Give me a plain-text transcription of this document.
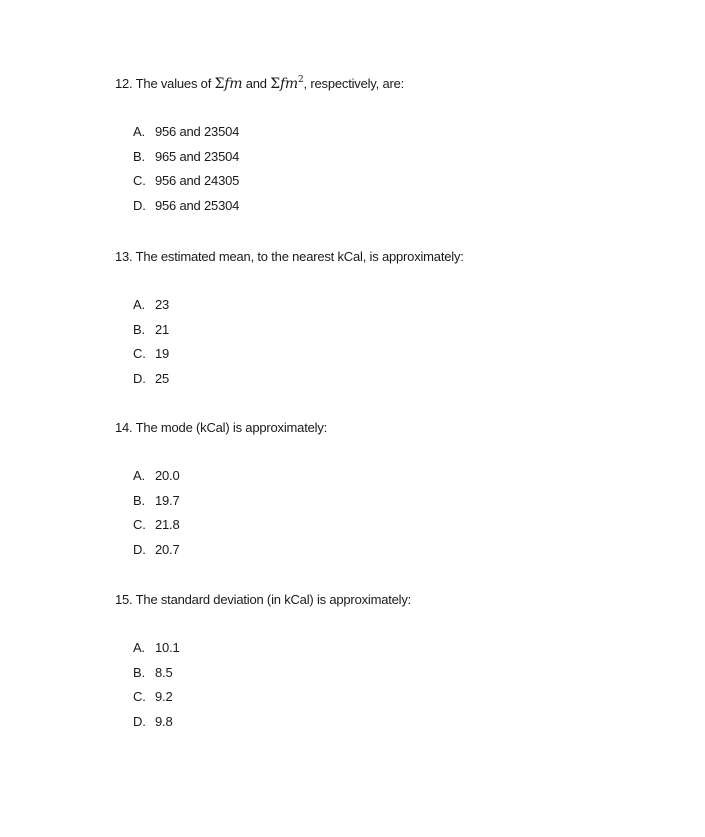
12. The values of Σfm and Σfm$^2$, respectively, are:
A. 956 and 23504
B. 965 and 23504
C. 956 and 24305
D. 956 and 25304
13. The estimated mean, to the nearest kCal, is approximately:
A. 23
B. 21
C. 19
D. 25
14. The mode (kCal) is approximately:
A. 20.0
B. 19.7
C. 21.8
D. 20.7
15. The standard deviation (in kCal) is approximately:
A. 10.1
B. 8.5
C. 9.2
D. 9.8
